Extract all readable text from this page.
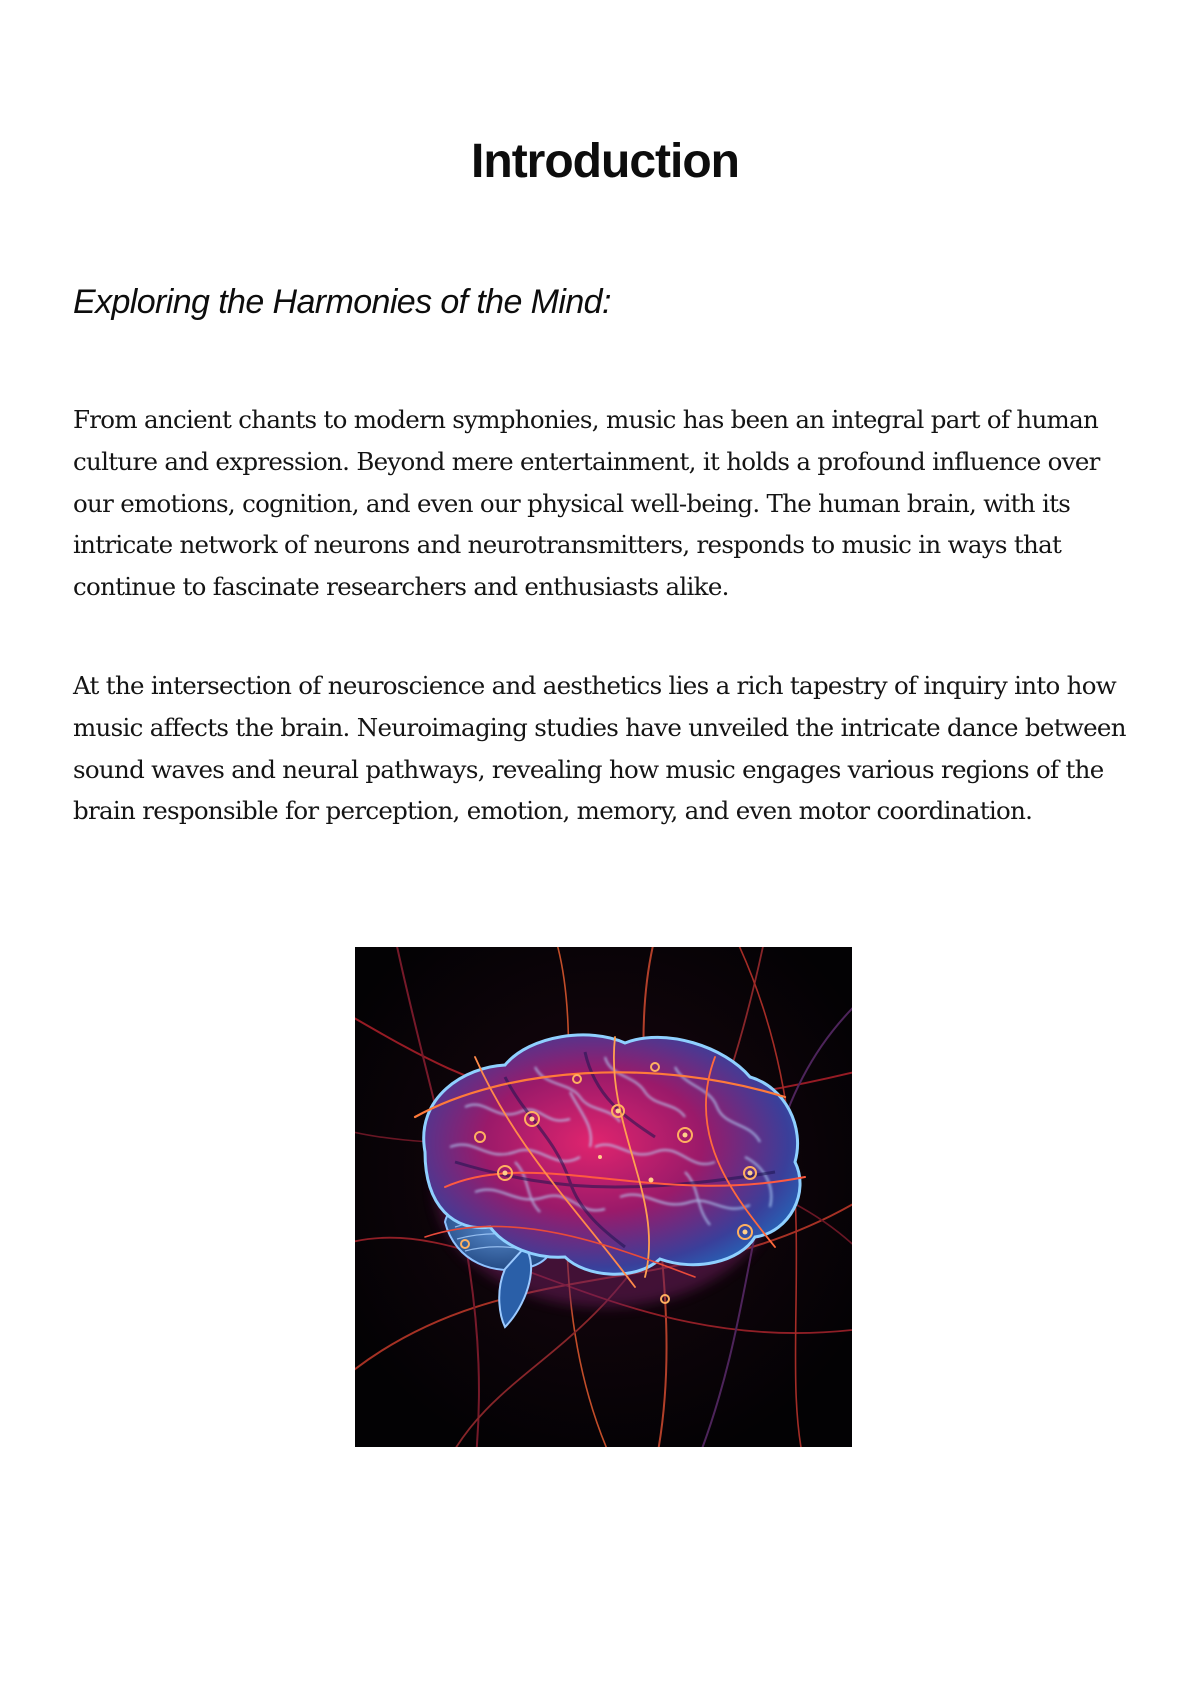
Introduction
Exploring the Harmonies of the Mind:

From ancient chants to modern symphonies, music has been an integral part of human culture and expression. Beyond mere entertainment, it holds a profound influence over our emotions, cognition, and even our physical well-being. The human brain, with its intricate network of neurons and neurotransmitters, responds to music in ways that continue to fascinate researchers and enthusiasts alike.

At the intersection of neuroscience and aesthetics lies a rich tapestry of inquiry into how music affects the brain. Neuroimaging studies have unveiled the intricate dance between sound waves and neural pathways, revealing how music engages various regions of the brain responsible for perception, emotion, memory, and even motor coordination.
